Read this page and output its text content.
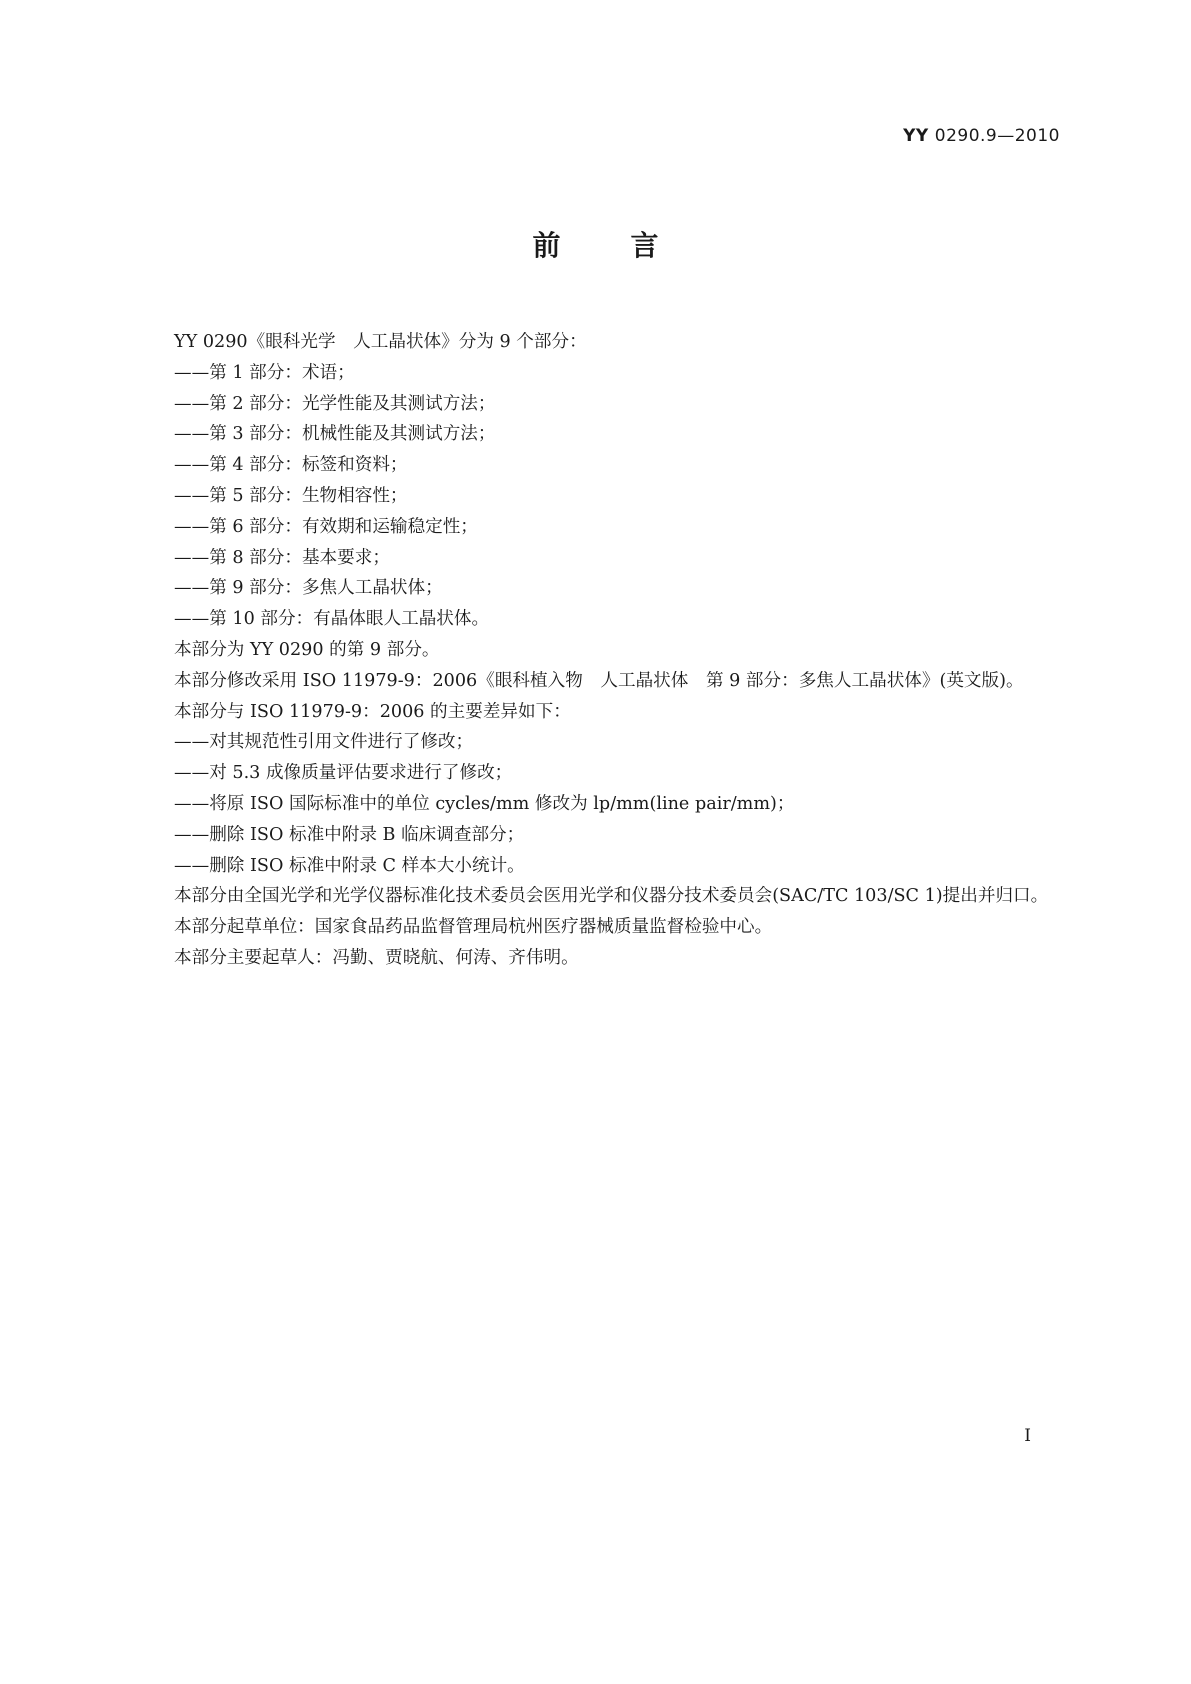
YY 0290.9—2010
前言

YY 0290《眼科光学　人工晶状体》分为 9 个部分：

——第 1 部分：术语；
——第 2 部分：光学性能及其测试方法；
——第 3 部分：机械性能及其测试方法；
——第 4 部分：标签和资料；
——第 5 部分：生物相容性；
——第 6 部分：有效期和运输稳定性；
——第 8 部分：基本要求；
——第 9 部分：多焦人工晶状体；
——第 10 部分：有晶体眼人工晶状体。

本部分为 YY 0290 的第 9 部分。

本部分修改采用 ISO 11979-9：2006《眼科植入物　人工晶状体　第 9 部分：多焦人工晶状体》(英文版)。

本部分与 ISO 11979-9：2006 的主要差异如下：

——对其规范性引用文件进行了修改；
——对 5.3 成像质量评估要求进行了修改；
——将原 ISO 国际标准中的单位 cycles/mm 修改为 lp/mm(line pair/mm)；
——删除 ISO 标准中附录 B 临床调查部分；
——删除 ISO 标准中附录 C 样本大小统计。

本部分由全国光学和光学仪器标准化技术委员会医用光学和仪器分技术委员会(SAC/TC 103/SC 1)提出并归口。

本部分起草单位：国家食品药品监督管理局杭州医疗器械质量监督检验中心。

本部分主要起草人：冯勤、贾晓航、何涛、齐伟明。

I
